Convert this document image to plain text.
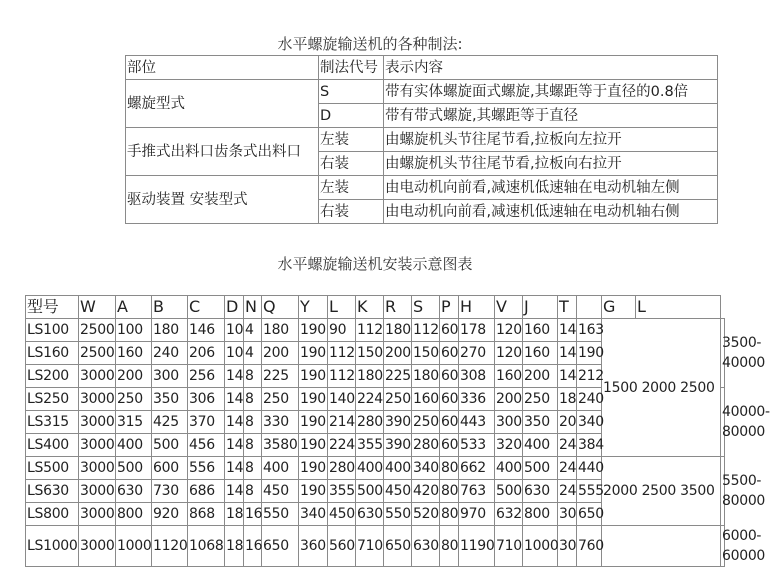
水平螺旋输送机的各种制法:
部位	制法代号	表示内容
螺旋型式	S	带有实体螺旋面式螺旋,其螺距等于直径的0.8倍
	D	带有带式螺旋,其螺距等于直径
手推式出料口齿条式出料口	左装	由螺旋机头节往尾节看,拉板向左拉开
	右装	由螺旋机头节往尾节看,拉板向右拉开
驱动装置 安装型式	左装	由电动机向前看,减速机低速轴在电动机轴左侧
	右装	由电动机向前看,减速机低速轴在电动机轴右侧
水平螺旋输送机安装示意图表
型号	W	A	B	C	D	N	Q	Y	L	K	R	S	P	H	V	J	T		G	L	
LS100	2500	100	180	146	10	4	180	190	90	112	180	112	60	178	120	160	14	163	1500 2000 2500		3500-40000
LS160	2500	160	240	206	10	4	200	190	112	150	200	150	60	270	120	160	14	190			
LS200	3000	200	300	256	14	8	225	190	112	180	225	180	60	308	160	200	14	212			
LS250	3000	250	350	306	14	8	250	190	140	224	250	160	60	336	200	250	18	240			40000-80000
LS315	3000	315	425	370	14	8	330	190	214	280	390	250	60	443	300	350	20	340			
LS400	3000	400	500	456	14	8	3580	190	224	355	390	280	60	533	320	400	24	384			
LS500	3000	500	600	556	14	8	400	190	280	400	400	340	80	662	400	500	24	440	2000 2500 3500		5500-80000
LS630	3000	630	730	686	14	8	450	190	355	500	450	420	80	763	500	630	24	555			
LS800	3000	800	920	868	18	16	550	340	450	630	550	520	80	970	632	800	30	650			
LS1000	3000	1000	1120	1068	18	16	650	360	560	710	650	630	80	1190	710	1000	30	760			6000-60000
